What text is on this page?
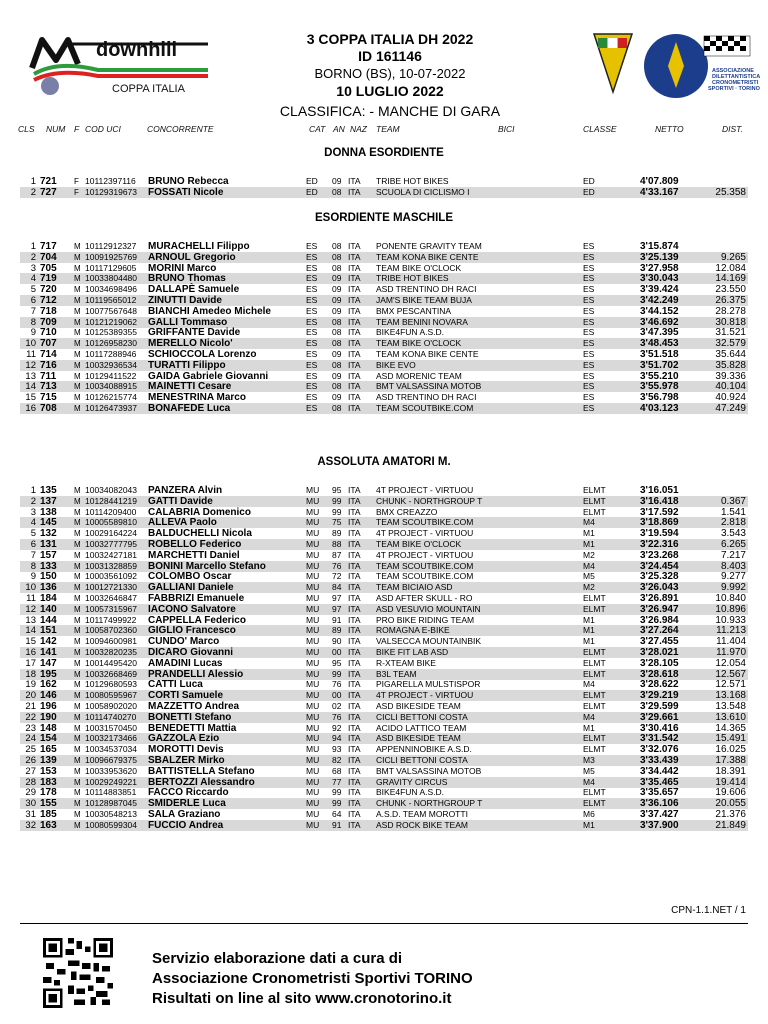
downhill
COPPA ITALIA
3 COPPA ITALIA DH 2022
ID 161146
BORNO (BS), 10-07-2022
10 LUGLIO 2022
CLASSIFICA: - MANCHE DI GARA
ASSOCIAZIONE
DILETTANTISTICA
CRONOMETRISTI
SPORTIVI · TORINO
CLS NUM F COD UCI	CONCORRENTE	CAT AN NAZ TEAM	BICI	CLASSE	NETTO	DIST.
DONNA ESORDIENTE
1 721 F 10112397116 BRUNO Rebecca	ED 09 ITA TRIBE HOT BIKES	ED	4'07.809
2 727 F 10129319673 FOSSATI Nicole	ED 08 ITA SCUOLA DI CICLISMO I	ED	4'33.167	25.358
ESORDIENTE MASCHILE
1 717 M 10112912327 MURACHELLI Filippo	ES 08 ITA PONENTE GRAVITY TEAM	ES	3'15.874
2 704 M 10091925769 ARNOUL Gregorio	ES 08 ITA TEAM KONA BIKE CENTE	ES	3'25.139	9.265
3 705 M 10117129605 MORINI Marco	ES 08 ITA TEAM BIKE O'CLOCK	ES	3'27.958	12.084
4 719 M 10033804480 BRUNO Thomas	ES 09 ITA TRIBE HOT BIKES	ES	3'30.043	14.169
5 720 M 10034698496 DALLAPÈ Samuele	ES 09 ITA ASD TRENTINO DH RACI	ES	3'39.424	23.550
6 712 M 10119565012 ZINUTTI Davide	ES 09 ITA JAM'S BIKE TEAM BUJA	ES	3'42.249	26.375
7 718 M 10077567648 BIANCHI Amedeo Michele	ES 09 ITA BMX PESCANTINA	ES	3'44.152	28.278
8 709 M 10121219062 GALLI Tommaso	ES 08 ITA TEAM BENINI NOVARA	ES	3'46.692	30.818
9 710 M 10125389355 GRIFFANTE Davide	ES 08 ITA BIKE4FUN A.S.D.	ES	3'47.395	31.521
10 707 M 10126958230 MERELLO Nicolo'	ES 08 ITA TEAM BIKE O'CLOCK	ES	3'48.453	32.579
11 714 M 10117288946 SCHIOCCOLA Lorenzo	ES 09 ITA TEAM KONA BIKE CENTE	ES	3'51.518	35.644
12 716 M 10032936534 TURATTI Filippo	ES 08 ITA BIKE EVO	ES	3'51.702	35.828
13 711 M 10129411522 GAIDA Gabriele Giovanni	ES 09 ITA ASD MORENIC TEAM	ES	3'55.210	39.336
14 713 M 10034088915 MAINETTI Cesare	ES 08 ITA BMT VALSASSINA MOTOB	ES	3'55.978	40.104
15 715 M 10126215774 MENESTRINA Marco	ES 09 ITA ASD TRENTINO DH RACI	ES	3'56.798	40.924
16 708 M 10126473937 BONAFEDE Luca	ES 08 ITA TEAM SCOUTBIKE.COM	ES	4'03.123	47.249
ASSOLUTA AMATORI M.
1 135 M 10034082043 PANZERA Alvin	MU 95 ITA 4T PROJECT - VIRTUOU	ELMT	3'16.051
2 137 M 10128441219 GATTI Davide	MU 99 ITA CHUNK - NORTHGROUP T	ELMT	3'16.418	0.367
3 138 M 10114209400 CALABRIA Domenico	MU 99 ITA BMX CREAZZO	ELMT	3'17.592	1.541
4 145 M 10005589810 ALLEVA Paolo	MU 75 ITA TEAM SCOUTBIKE.COM	M4	3'18.869	2.818
5 132 M 10029164224 BALDUCHELLI Nicola	MU 89 ITA 4T PROJECT - VIRTUOU	M1	3'19.594	3.543
6 131 M 10032777795 ROBELLO Federico	MU 88 ITA TEAM BIKE O'CLOCK	M1	3'22.316	6.265
7 157 M 10032427181 MARCHETTI Daniel	MU 87 ITA 4T PROJECT - VIRTUOU	M2	3'23.268	7.217
8 133 M 10031328859 BONINI Marcello Stefano	MU 76 ITA TEAM SCOUTBIKE.COM	M4	3'24.454	8.403
9 150 M 10003561092 COLOMBO Oscar	MU 72 ITA TEAM SCOUTBIKE.COM	M5	3'25.328	9.277
10 136 M 10012721330 GALLIANI Daniele	MU 84 ITA TEAM BICIAIO ASD	M2	3'26.043	9.992
11 184 M 10032646847 FABBRIZI Emanuele	MU 97 ITA ASD AFTER SKULL - RO	ELMT	3'26.891	10.840
12 140 M 10057315967 IACONO Salvatore	MU 97 ITA ASD VESUVIO MOUNTAIN	ELMT	3'26.947	10.896
13 144 M 10117499922 CAPPELLA Federico	MU 91 ITA PRO BIKE RIDING TEAM	M1	3'26.984	10.933
14 151 M 10058702360 GIGLIO Francesco	MU 89 ITA ROMAGNA E-BIKE	M1	3'27.264	11.213
15 142 M 10094600981 CUNDO' Marco	MU 90 ITA VALSECCA MOUNTAINBIK	M1	3'27.455	11.404
16 141 M 10032820235 DICARO Giovanni	MU 00 ITA BIKE FIT LAB ASD	ELMT	3'28.021	11.970
17 147 M 10014495420 AMADINI Lucas	MU 95 ITA R-XTEAM BIKE	ELMT	3'28.105	12.054
18 195 M 10032668469 PRANDELLI Alessio	MU 99 ITA B3L TEAM	ELMT	3'28.618	12.567
19 162 M 10129680593 CATTI Luca	MU 76 ITA PIGARELLA MULSTISPOR	M4	3'28.622	12.571
20 146 M 10080595967 CORTI Samuele	MU 00 ITA 4T PROJECT - VIRTUOU	ELMT	3'29.219	13.168
21 196 M 10058902020 MAZZETTO Andrea	MU 02 ITA ASD BIKESIDE TEAM	ELMT	3'29.599	13.548
22 190 M 10114740270 BONETTI Stefano	MU 76 ITA CICLI BETTONI COSTA	M4	3'29.661	13.610
23 148 M 10031570450 BENEDETTI Mattia	MU 92 ITA ACIDO LATTICO TEAM	M1	3'30.416	14.365
24 154 M 10032173466 GAZZOLA Ezio	MU 94 ITA ASD BIKESIDE TEAM	ELMT	3'31.542	15.491
25 165 M 10034537034 MOROTTI Devis	MU 93 ITA APPENNINOBIKE A.S.D.	ELMT	3'32.076	16.025
26 139 M 10096679375 SBALZER Mirko	MU 82 ITA CICLI BETTONI COSTA	M3	3'33.439	17.388
27 153 M 10033953620 BATTISTELLA Stefano	MU 68 ITA BMT VALSASSINA MOTOB	M5	3'34.442	18.391
28 183 M 10029249221 BERTOZZI Alessandro	MU 77 ITA GRAVITY CIRCUS	M4	3'35.465	19.414
29 178 M 10114883851 FACCO Riccardo	MU 99 ITA BIKE4FUN A.S.D.	ELMT	3'35.657	19.606
30 155 M 10128987045 SMIDERLE Luca	MU 99 ITA CHUNK - NORTHGROUP T	ELMT	3'36.106	20.055
31 185 M 10030548213 SALA Graziano	MU 64 ITA A.S.D. TEAM MOROTTI	M6	3'37.427	21.376
32 163 M 10080599304 FUCCIO Andrea	MU 91 ITA ASD ROCK BIKE TEAM	M1	3'37.900	21.849
CPN-1.1.NET / 1
Servizio elaborazione dati a cura di
Associazione Cronometristi Sportivi TORINO
Risultati on line al sito www.cronotorino.it
